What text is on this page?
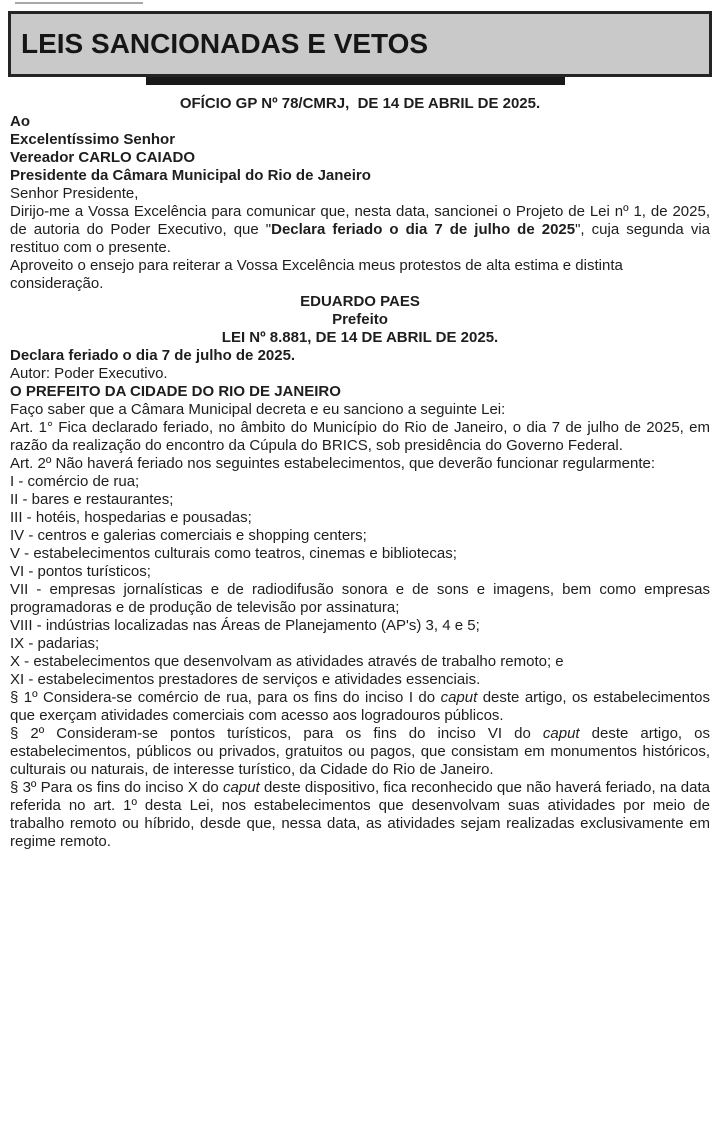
LEIS SANCIONADAS E VETOS

OFÍCIO GP Nº 78/CMRJ,  DE 14 DE ABRIL DE 2025.

Ao
Excelentíssimo Senhor
Vereador CARLO CAIADO
Presidente da Câmara Municipal do Rio de Janeiro

Senhor Presidente,

Dirijo-me a Vossa Excelência para comunicar que, nesta data, sancionei o Projeto de Lei nº 1, de 2025, de autoria do Poder Executivo, que "Declara feriado o dia 7 de julho de 2025", cuja segunda via restituo com o presente.

Aproveito o ensejo para reiterar a Vossa Excelência meus protestos de alta estima e distinta consideração.

EDUARDO PAES
Prefeito

LEI Nº 8.881, DE 14 DE ABRIL DE 2025.

Declara feriado o dia 7 de julho de 2025.

Autor: Poder Executivo.

O PREFEITO DA CIDADE DO RIO DE JANEIRO
Faço saber que a Câmara Municipal decreta e eu sanciono a seguinte Lei:

Art. 1° Fica declarado feriado, no âmbito do Município do Rio de Janeiro, o dia 7 de julho de 2025, em razão da realização do encontro da Cúpula do BRICS, sob presidência do Governo Federal.

Art. 2º Não haverá feriado nos seguintes estabelecimentos, que deverão funcionar regularmente:

I - comércio de rua;

II - bares e restaurantes;

III - hotéis, hospedarias e pousadas;

IV - centros e galerias comerciais e shopping centers;

V - estabelecimentos culturais como teatros, cinemas e bibliotecas;

VI - pontos turísticos;

VII - empresas jornalísticas e de radiodifusão sonora e de sons e imagens, bem como empresas programadoras e de produção de televisão por assinatura;

VIII - indústrias localizadas nas Áreas de Planejamento (AP's) 3, 4 e 5;

IX - padarias;

X - estabelecimentos que desenvolvam as atividades através de trabalho remoto; e

XI - estabelecimentos prestadores de serviços e atividades essenciais.

§ 1º Considera-se comércio de rua, para os fins do inciso I do caput deste artigo, os estabelecimentos que exerçam atividades comerciais com acesso aos logradouros públicos.

§ 2º Consideram-se pontos turísticos, para os fins do inciso VI do caput deste artigo, os estabelecimentos, públicos ou privados, gratuitos ou pagos, que consistam em monumentos históricos, culturais ou naturais, de interesse turístico, da Cidade do Rio de Janeiro.

§ 3º Para os fins do inciso X do caput deste dispositivo, fica reconhecido que não haverá feriado, na data referida no art. 1º desta Lei, nos estabelecimentos que desenvolvam suas atividades por meio de trabalho remoto ou híbrido, desde que, nessa data, as atividades sejam realizadas exclusivamente em regime remoto.
